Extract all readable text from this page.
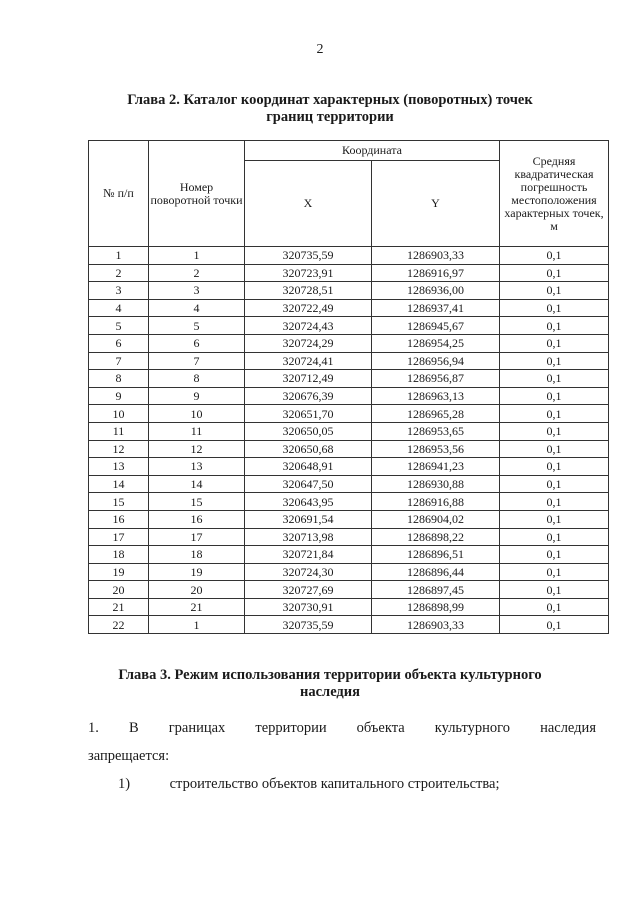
2
Глава 2. Каталог координат характерных (поворотных) точек
границ территории
№ п/п	Номер поворотной точки	Координата		Средняя квадратическая погрешность местоположения характерных точек, м
		X	Y	
1	1	320735,59	1286903,33	0,1
2	2	320723,91	1286916,97	0,1
3	3	320728,51	1286936,00	0,1
4	4	320722,49	1286937,41	0,1
5	5	320724,43	1286945,67	0,1
6	6	320724,29	1286954,25	0,1
7	7	320724,41	1286956,94	0,1
8	8	320712,49	1286956,87	0,1
9	9	320676,39	1286963,13	0,1
10	10	320651,70	1286965,28	0,1
11	11	320650,05	1286953,65	0,1
12	12	320650,68	1286953,56	0,1
13	13	320648,91	1286941,23	0,1
14	14	320647,50	1286930,88	0,1
15	15	320643,95	1286916,88	0,1
16	16	320691,54	1286904,02	0,1
17	17	320713,98	1286898,22	0,1
18	18	320721,84	1286896,51	0,1
19	19	320724,30	1286896,44	0,1
20	20	320727,69	1286897,45	0,1
21	21	320730,91	1286898,99	0,1
22	1	320735,59	1286903,33	0,1
Глава 3. Режим использования территории объекта культурного
наследия
1. В границах территории объекта культурного наследия
запрещается:
1)	строительство объектов капитального строительства;
